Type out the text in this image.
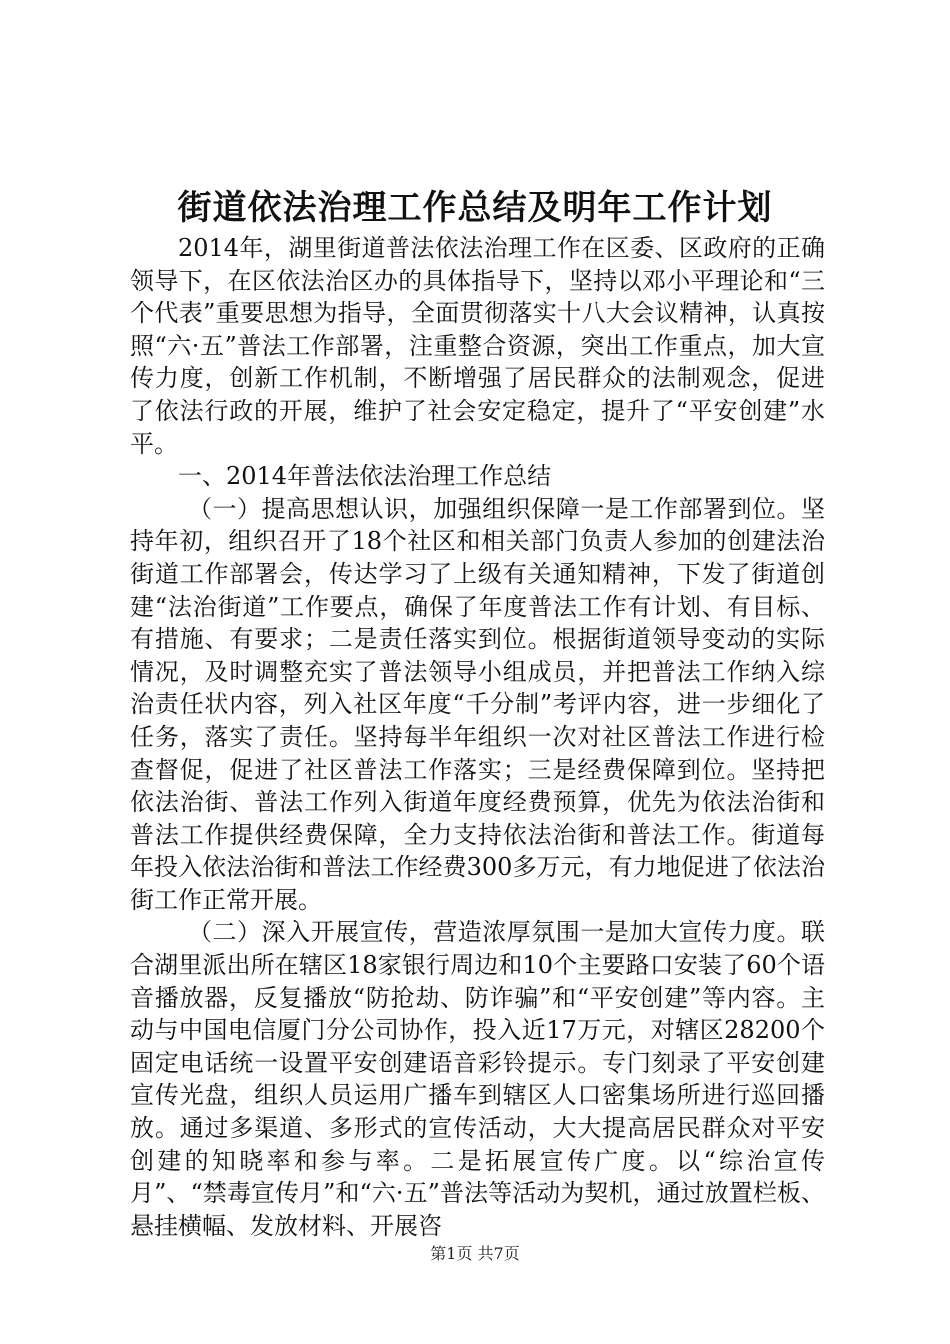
街道依法治理工作总结及明年工作计划

2014年，湖里街道普法依法治理工作在区委、区政府的正确领导下，在区依法治区办的具体指导下，坚持以邓小平理论和“三个代表”重要思想为指导，全面贯彻落实十八大会议精神，认真按照“六·五”普法工作部署，注重整合资源，突出工作重点，加大宣传力度，创新工作机制，不断增强了居民群众的法制观念，促进了依法行政的开展，维护了社会安定稳定，提升了“平安创建”水平。

一、2014年普法依法治理工作总结

（一）提高思想认识，加强组织保障一是工作部署到位。坚持年初，组织召开了18个社区和相关部门负责人参加的创建法治街道工作部署会，传达学习了上级有关通知精神，下发了街道创建“法治街道”工作要点，确保了年度普法工作有计划、有目标、有措施、有要求；二是责任落实到位。根据街道领导变动的实际情况，及时调整充实了普法领导小组成员，并把普法工作纳入综治责任状内容，列入社区年度“千分制”考评内容，进一步细化了任务，落实了责任。坚持每半年组织一次对社区普法工作进行检查督促，促进了社区普法工作落实；三是经费保障到位。坚持把依法治街、普法工作列入街道年度经费预算，优先为依法治街和普法工作提供经费保障，全力支持依法治街和普法工作。街道每年投入依法治街和普法工作经费300多万元，有力地促进了依法治街工作正常开展。

（二）深入开展宣传，营造浓厚氛围一是加大宣传力度。联合湖里派出所在辖区18家银行周边和10个主要路口安装了60个语音播放器，反复播放“防抢劫、防诈骗”和“平安创建”等内容。主动与中国电信厦门分公司协作，投入近17万元，对辖区28200个固定电话统一设置平安创建语音彩铃提示。专门刻录了平安创建宣传光盘，组织人员运用广播车到辖区人口密集场所进行巡回播放。通过多渠道、多形式的宣传活动，大大提高居民群众对平安创建的知晓率和参与率。二是拓展宣传广度。以“综治宣传月”、“禁毒宣传月”和“六·五”普法等活动为契机，通过放置栏板、悬挂横幅、发放材料、开展咨

第1页 共7页
